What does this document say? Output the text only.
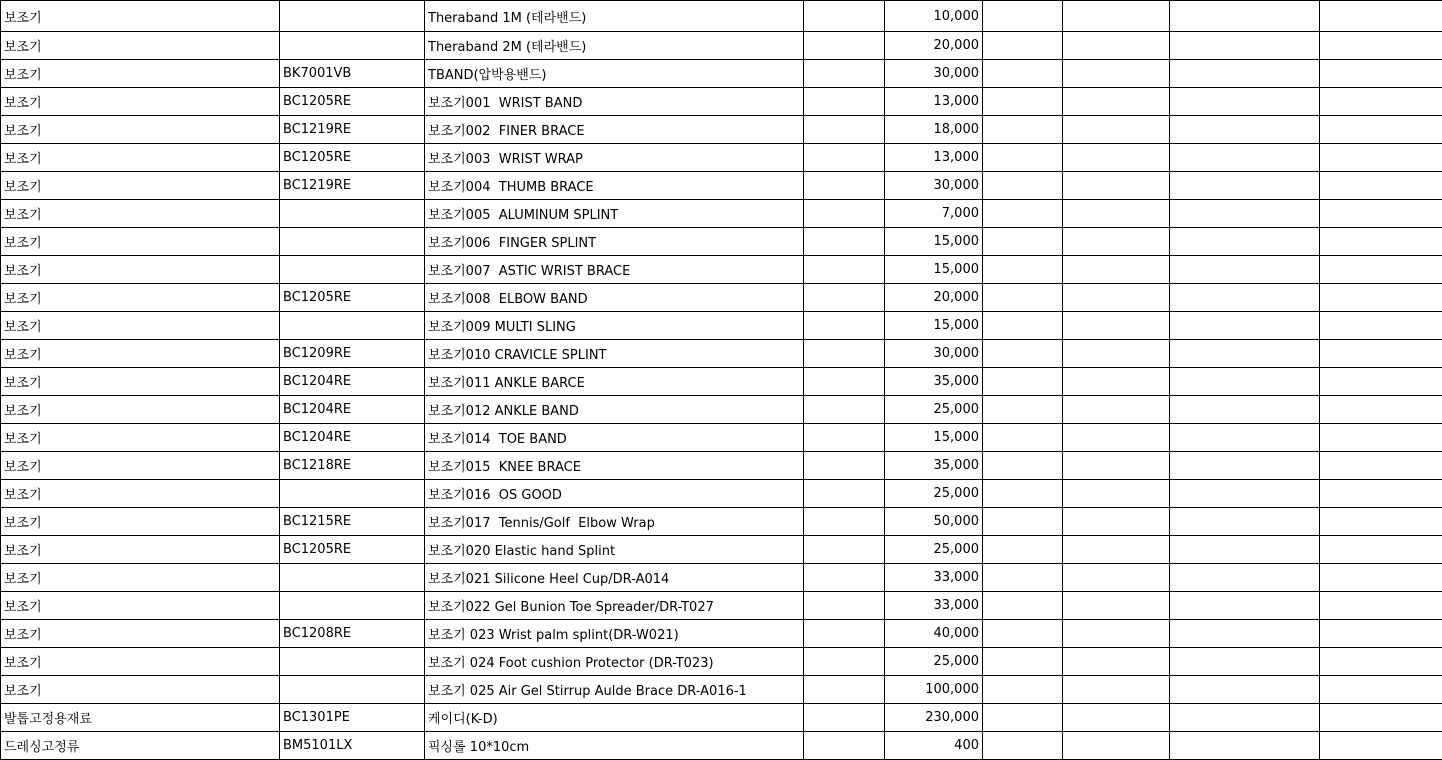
보조기		Theraband 1M (테라밴드)		10,000				
보조기		Theraband 2M (테라밴드)		20,000				
보조기	BK7001VB	TBAND(압박용밴드)		30,000				
보조기	BC1205RE	보조기001  WRIST BAND		13,000				
보조기	BC1219RE	보조기002  FINER BRACE		18,000				
보조기	BC1205RE	보조기003  WRIST WRAP		13,000				
보조기	BC1219RE	보조기004  THUMB BRACE		30,000				
보조기		보조기005  ALUMINUM SPLINT		7,000				
보조기		보조기006  FINGER SPLINT		15,000				
보조기		보조기007  ASTIC WRIST BRACE		15,000				
보조기	BC1205RE	보조기008  ELBOW BAND		20,000				
보조기		보조기009 MULTI SLING		15,000				
보조기	BC1209RE	보조기010 CRAVICLE SPLINT		30,000				
보조기	BC1204RE	보조기011 ANKLE BARCE		35,000				
보조기	BC1204RE	보조기012 ANKLE BAND		25,000				
보조기	BC1204RE	보조기014  TOE BAND		15,000				
보조기	BC1218RE	보조기015  KNEE BRACE		35,000				
보조기		보조기016  OS GOOD		25,000				
보조기	BC1215RE	보조기017  Tennis/Golf  Elbow Wrap		50,000				
보조기	BC1205RE	보조기020 Elastic hand Splint		25,000				
보조기		보조기021 Silicone Heel Cup/DR-A014		33,000				
보조기		보조기022 Gel Bunion Toe Spreader/DR-T027		33,000				
보조기	BC1208RE	보조기 023 Wrist palm splint(DR-W021)		40,000				
보조기		보조기 024 Foot cushion Protector (DR-T023)		25,000				
보조기		보조기 025 Air Gel Stirrup Aulde Brace DR-A016-1		100,000				
발톱고정용재료	BC1301PE	케이디(K-D)		230,000				
드레싱고정류	BM5101LX	픽싱롤 10*10cm		400				
